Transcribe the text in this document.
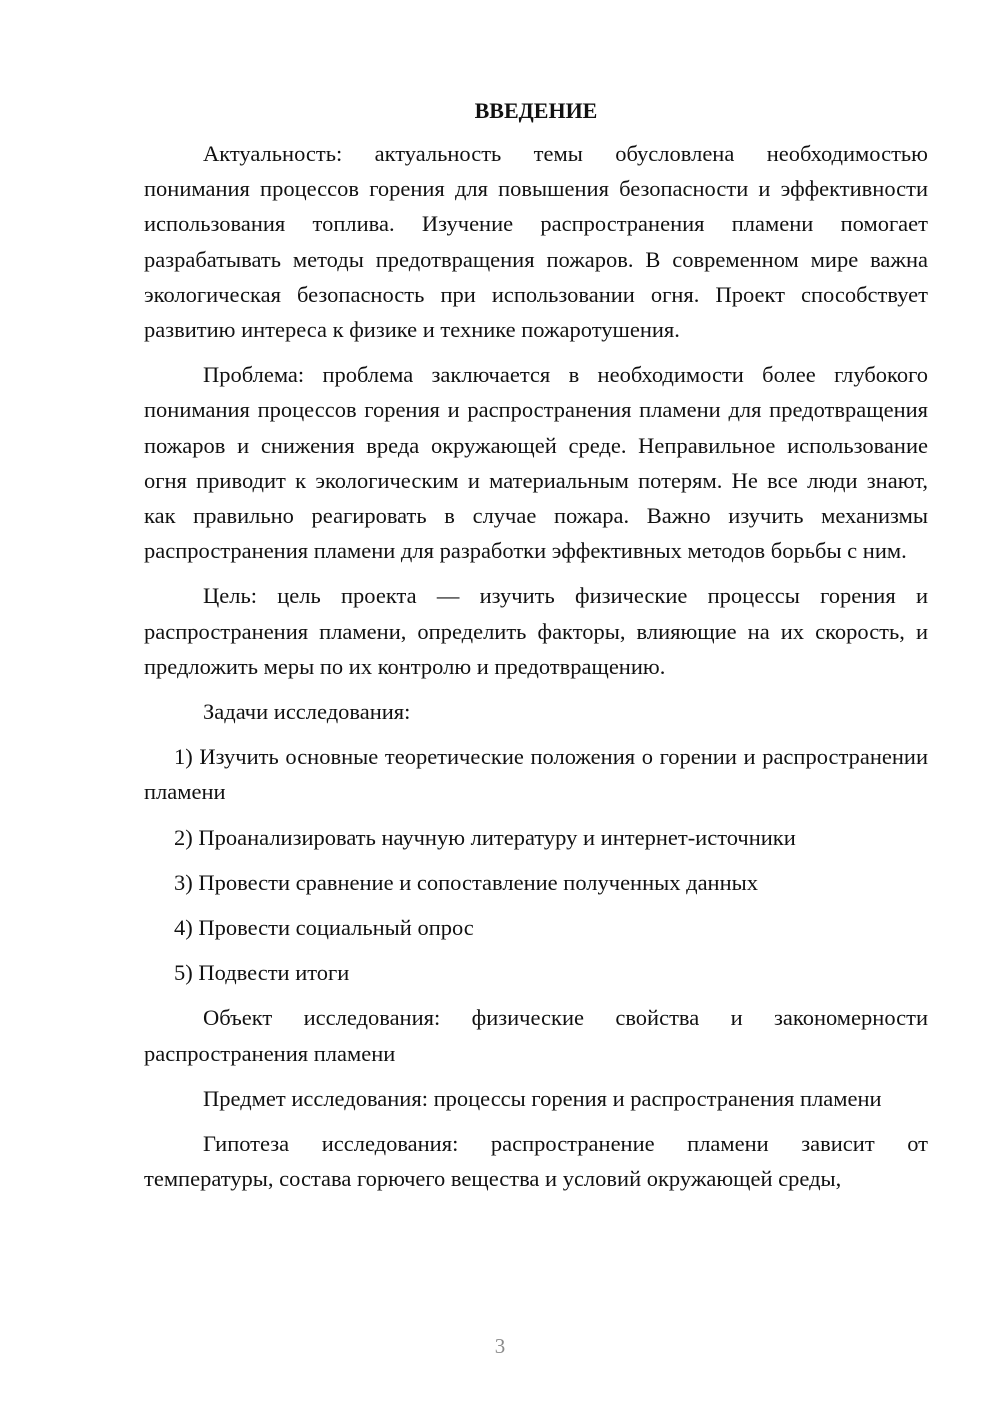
ВВЕДЕНИЕ

Актуальность: актуальность темы обусловлена необходимостью понимания процессов горения для повышения безопасности и эффективности использования топлива. Изучение распространения пламени помогает разрабатывать методы предотвращения пожаров. В современном мире важна экологическая безопасность при использовании огня. Проект способствует развитию интереса к физике и технике пожаротушения.

Проблема: проблема заключается в необходимости более глубокого понимания процессов горения и распространения пламени для предотвращения пожаров и снижения вреда окружающей среде. Неправильное использование огня приводит к экологическим и материальным потерям. Не все люди знают, как правильно реагировать в случае пожара. Важно изучить механизмы распространения пламени для разработки эффективных методов борьбы с ним.

Цель: цель проекта — изучить физические процессы горения и распространения пламени, определить факторы, влияющие на их скорость, и предложить меры по их контролю и предотвращению.

Задачи исследования:

1) Изучить основные теоретические положения о горении и распространении пламени

2) Проанализировать научную литературу и интернет-источники

3) Провести сравнение и сопоставление полученных данных

4) Провести социальный опрос

5) Подвести итоги

Объект исследования: физические свойства и закономерности распространения пламени

Предмет исследования: процессы горения и распространения пламени

Гипотеза исследования: распространение пламени зависит от температуры, состава горючего вещества и условий окружающей среды,

3
